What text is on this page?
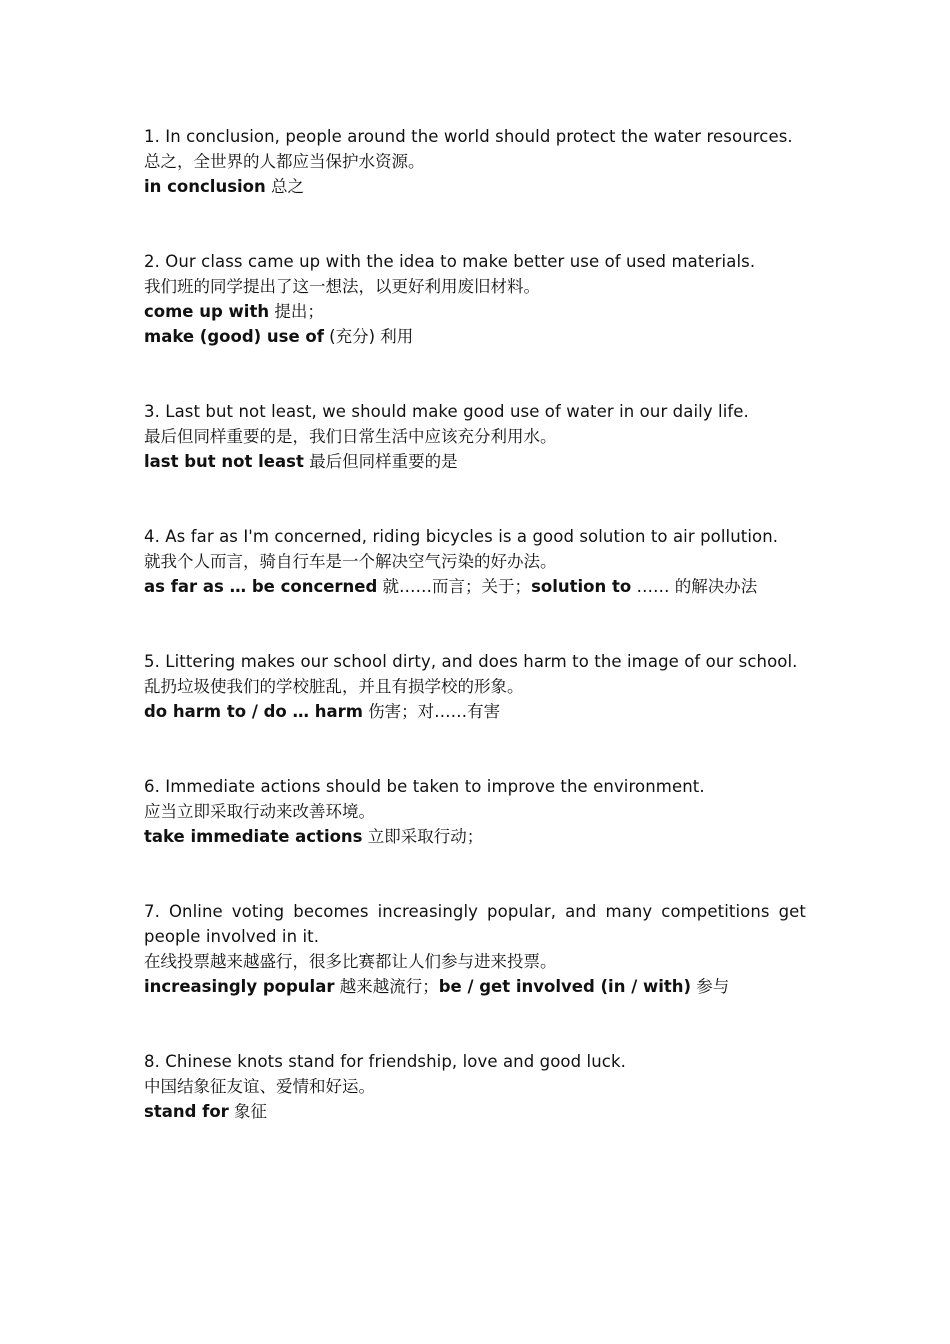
1. In conclusion, people around the world should protect the water resources.

总之，全世界的人都应当保护水资源。

in conclusion 总之

2. Our class came up with the idea to make better use of used materials.

我们班的同学提出了这一想法，以更好利用废旧材料。

come up with 提出；

make (good) use of (充分) 利用

3. Last but not least, we should make good use of water in our daily life.

最后但同样重要的是，我们日常生活中应该充分利用水。

last but not least 最后但同样重要的是

4. As far as I'm concerned, riding bicycles is a good solution to air pollution.

就我个人而言，骑自行车是一个解决空气污染的好办法。

as far as … be concerned 就……而言；关于；solution to …… 的解决办法

5. Littering makes our school dirty, and does harm to the image of our school.

乱扔垃圾使我们的学校脏乱，并且有损学校的形象。

do harm to / do … harm 伤害；对……有害

6. Immediate actions should be taken to improve the environment.

应当立即采取行动来改善环境。

take immediate actions 立即采取行动；

7. Online voting becomes increasingly popular, and many competitions get people involved in it.

在线投票越来越盛行，很多比赛都让人们参与进来投票。

increasingly popular 越来越流行；be / get involved (in / with) 参与

8. Chinese knots stand for friendship, love and good luck.

中国结象征友谊、爱情和好运。

stand for 象征
